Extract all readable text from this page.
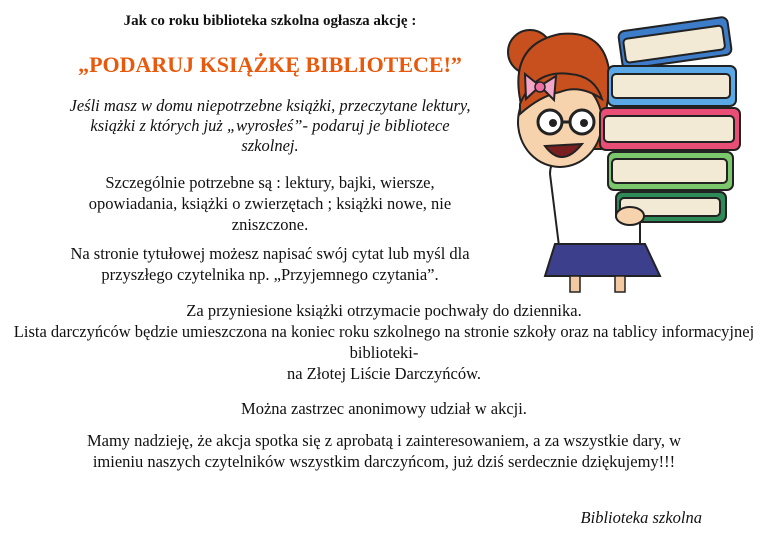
Jak co roku biblioteka szkolna ogłasza akcję :

„PODARUJ KSIĄŻKĘ BIBLIOTECE!”

Jeśli masz w domu niepotrzebne książki, przeczytane lektury, książki z których już „wyrosłeś”- podaruj je bibliotece szkolnej.

Szczególnie potrzebne są : lektury, bajki, wiersze, opowiadania, książki o zwierzętach ; książki nowe, nie zniszczone.

Na stronie tytułowej możesz napisać swój cytat lub myśl dla przyszłego czytelnika np. „Przyjemnego czytania”.

Za przyniesione książki otrzymacie pochwały do dziennika.
Lista darczyńców będzie umieszczona na koniec roku szkolnego na stronie szkoły oraz na tablicy informacyjnej biblioteki-
na Złotej Liście Darczyńców.

Można zastrzec anonimowy udział w akcji.

Mamy nadzieję, że akcja spotka się z aprobatą i zainteresowaniem, a za wszystkie dary, w imieniu naszych czytelników wszystkim darczyńcom, już dziś serdecznie dziękujemy!!!

Biblioteka szkolna
